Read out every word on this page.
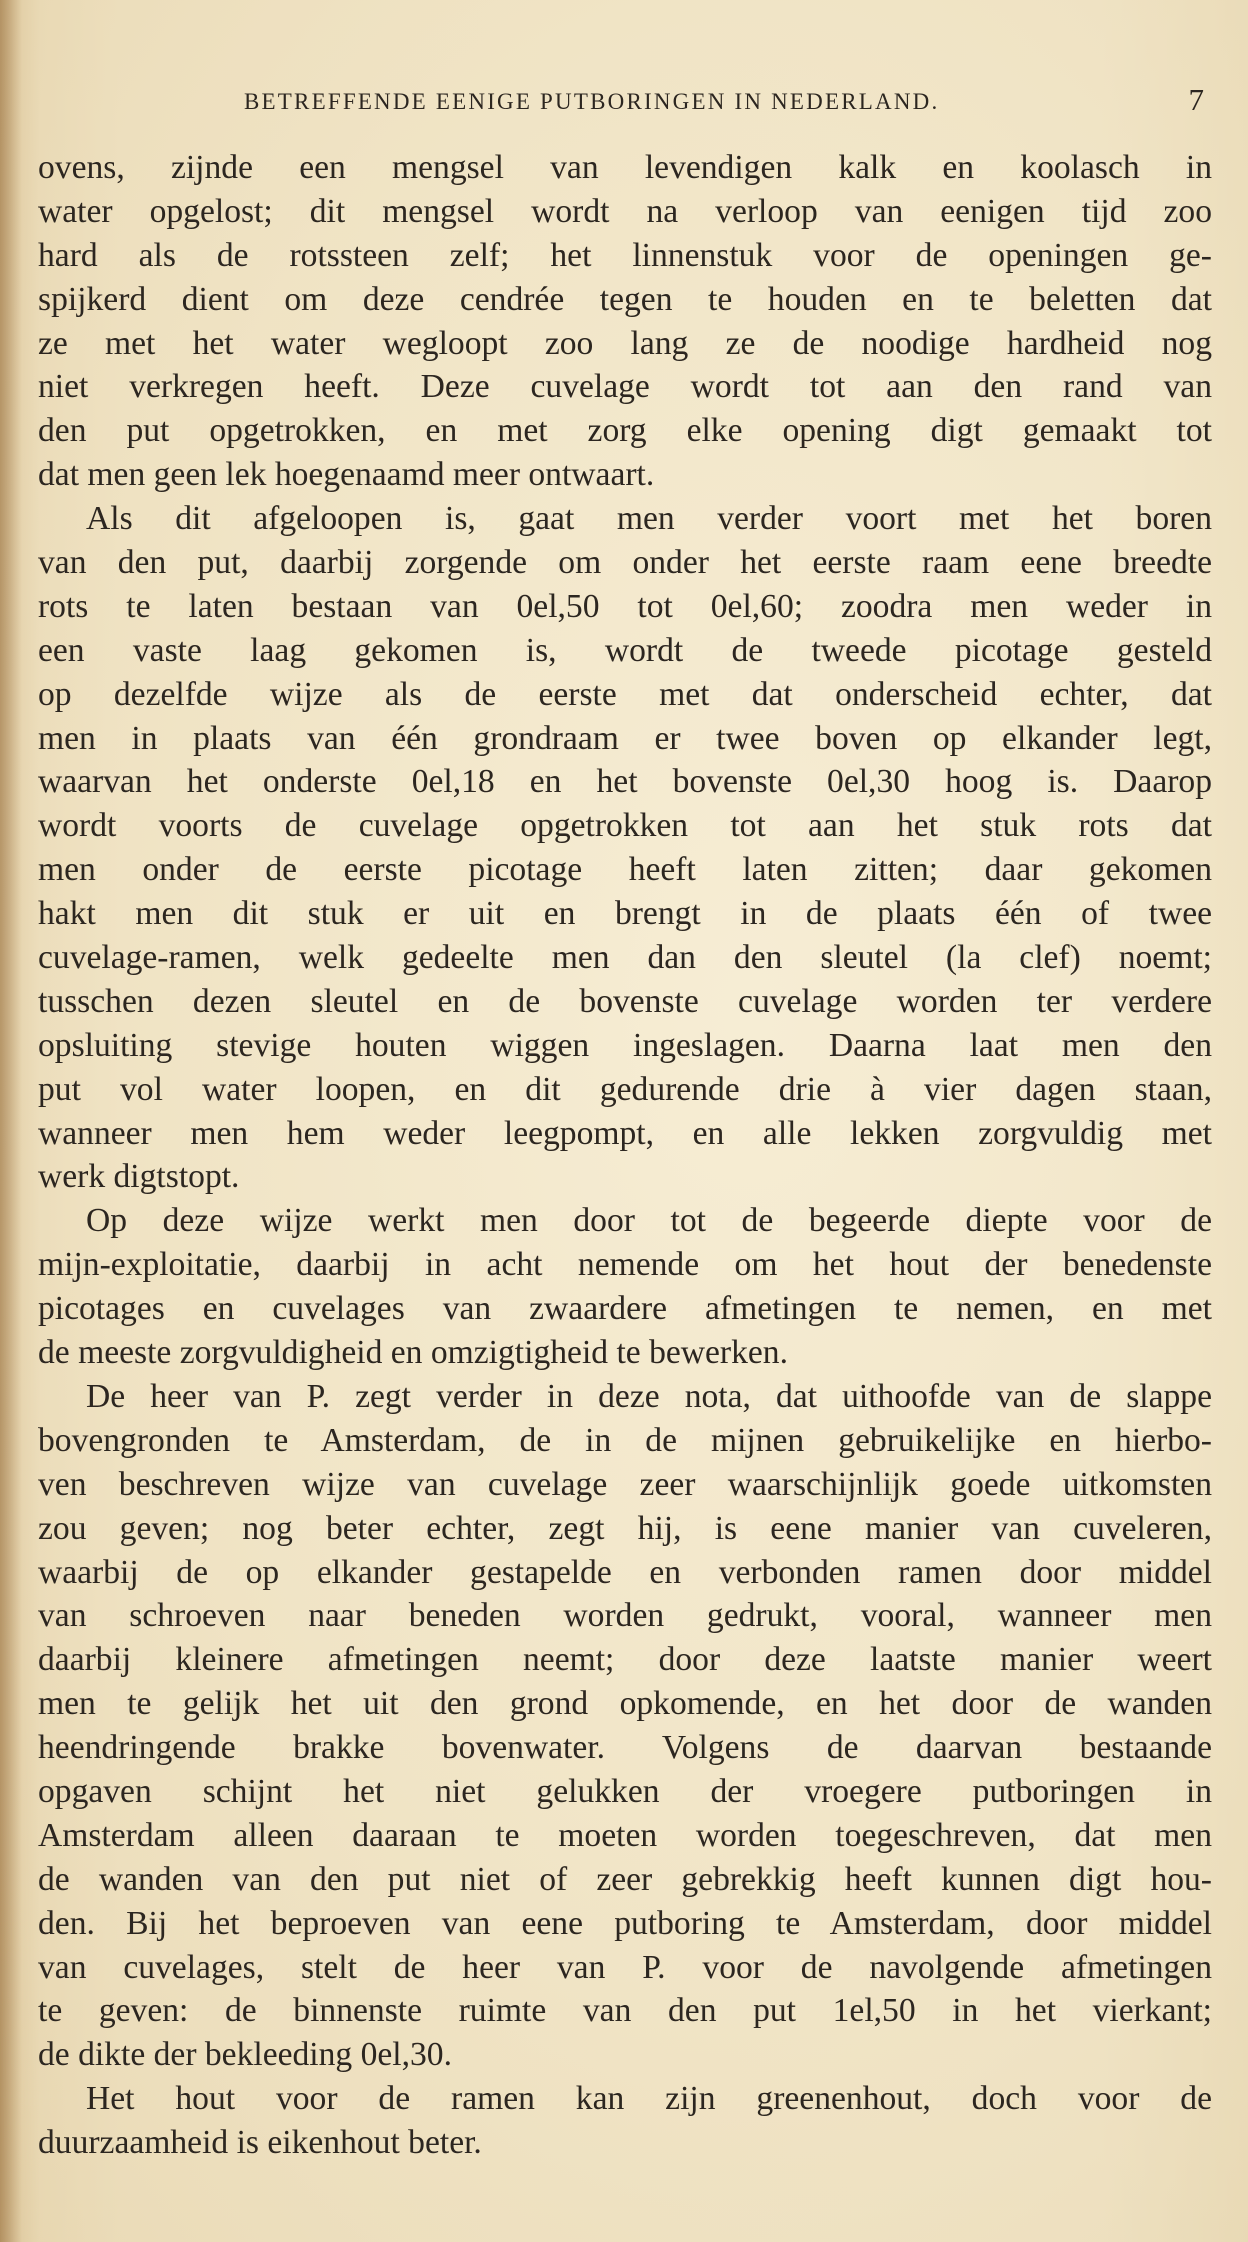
BETREFFENDE EENIGE PUTBORINGEN IN NEDERLAND.	7
ovens, zijnde een mengsel van levendigen kalk en koolasch in
water opgelost; dit mengsel wordt na verloop van eenigen tijd zoo
hard als de rotssteen zelf; het linnenstuk voor de openingen ge-
spijkerd dient om deze cendrée tegen te houden en te beletten dat
ze met het water wegloopt zoo lang ze de noodige hardheid nog
niet verkregen heeft. Deze cuvelage wordt tot aan den rand van
den put opgetrokken, en met zorg elke opening digt gemaakt tot
dat men geen lek hoegenaamd meer ontwaart.
Als dit afgeloopen is, gaat men verder voort met het boren
van den put, daarbij zorgende om onder het eerste raam eene breedte
rots te laten bestaan van 0el,50 tot 0el,60; zoodra men weder in
een vaste laag gekomen is, wordt de tweede picotage gesteld
op dezelfde wijze als de eerste met dat onderscheid echter, dat
men in plaats van één grondraam er twee boven op elkander legt,
waarvan het onderste 0el,18 en het bovenste 0el,30 hoog is. Daarop
wordt voorts de cuvelage opgetrokken tot aan het stuk rots dat
men onder de eerste picotage heeft laten zitten; daar gekomen
hakt men dit stuk er uit en brengt in de plaats één of twee
cuvelage-ramen, welk gedeelte men dan den sleutel (la clef) noemt;
tusschen dezen sleutel en de bovenste cuvelage worden ter verdere
opsluiting stevige houten wiggen ingeslagen. Daarna laat men den
put vol water loopen, en dit gedurende drie à vier dagen staan,
wanneer men hem weder leegpompt, en alle lekken zorgvuldig met
werk digtstopt.
Op deze wijze werkt men door tot de begeerde diepte voor de
mijn-exploitatie, daarbij in acht nemende om het hout der benedenste
picotages en cuvelages van zwaardere afmetingen te nemen, en met
de meeste zorgvuldigheid en omzigtigheid te bewerken.
De heer van P. zegt verder in deze nota, dat uithoofde van de slappe
bovengronden te Amsterdam, de in de mijnen gebruikelijke en hierbo-
ven beschreven wijze van cuvelage zeer waarschijnlijk goede uitkomsten
zou geven; nog beter echter, zegt hij, is eene manier van cuveleren,
waarbij de op elkander gestapelde en verbonden ramen door middel
van schroeven naar beneden worden gedrukt, vooral, wanneer men
daarbij kleinere afmetingen neemt; door deze laatste manier weert
men te gelijk het uit den grond opkomende, en het door de wanden
heendringende brakke bovenwater. Volgens de daarvan bestaande
opgaven schijnt het niet gelukken der vroegere putboringen in
Amsterdam alleen daaraan te moeten worden toegeschreven, dat men
de wanden van den put niet of zeer gebrekkig heeft kunnen digt hou-
den. Bij het beproeven van eene putboring te Amsterdam, door middel
van cuvelages, stelt de heer van P. voor de navolgende afmetingen
te geven: de binnenste ruimte van den put 1el,50 in het vierkant;
de dikte der bekleeding 0el,30.
Het hout voor de ramen kan zijn greenenhout, doch voor de
duurzaamheid is eikenhout beter.
